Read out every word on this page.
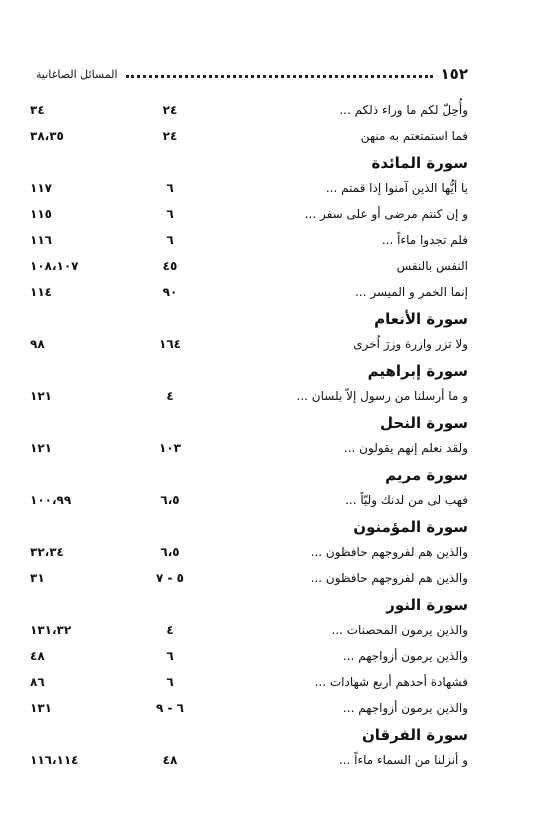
١٥٢
المسائل الصاغانية
وأُحِلّ لكم ما وراء ذلكم ...
٢٤
٣٤
فما استمتعتم به منهن
٢٤
٣٨،٣٥
سورة المائدة
يا أيُّها الذين آمنوا إذا قمتم ...
٦
١١٧
و إن كنتم مرضى أو على سفر ...
٦
١١٥
فلم تجدوا ماءاً ...
٦
١١٦
النفس بالنفس
٤٥
١٠٨،١٠٧
إنما الخمر و الميسر ...
٩٠
١١٤
سورة الأنعام
ولا تزر وازرة وزرَ اُخرى
١٦٤
٩٨
سورة إبراهيم
و ما أرسلنا من رسول إلاّ بلسان ...
٤
١٢١
سورة النحل
ولقد نعلم إنهم يقولون ...
١٠٣
١٢١
سورة مريم
فهب لى من لدنك وليّاً ...
٦،٥
١٠٠،٩٩
سورة المؤمنون
والذين هم لفروجهم حافظون ...
٦،٥
٣٢،٣٤
والذين هم لفروجهم حافظون ...
٥ - ٧
٣١
سورة النور
والذين يرمون المحصنات ...
٤
١٣١،٣٢
والذين يرمون أزواجهم ...
٦
٤٨
فشهادة أحدهم أربع شهادات ...
٦
٨٦
والذين يرمون أزواجهم ...
٦ - ٩
١٣١
سورة الفرقان
و أنزلنا من السماء ماءاً ...
٤٨
١١٦،١١٤
